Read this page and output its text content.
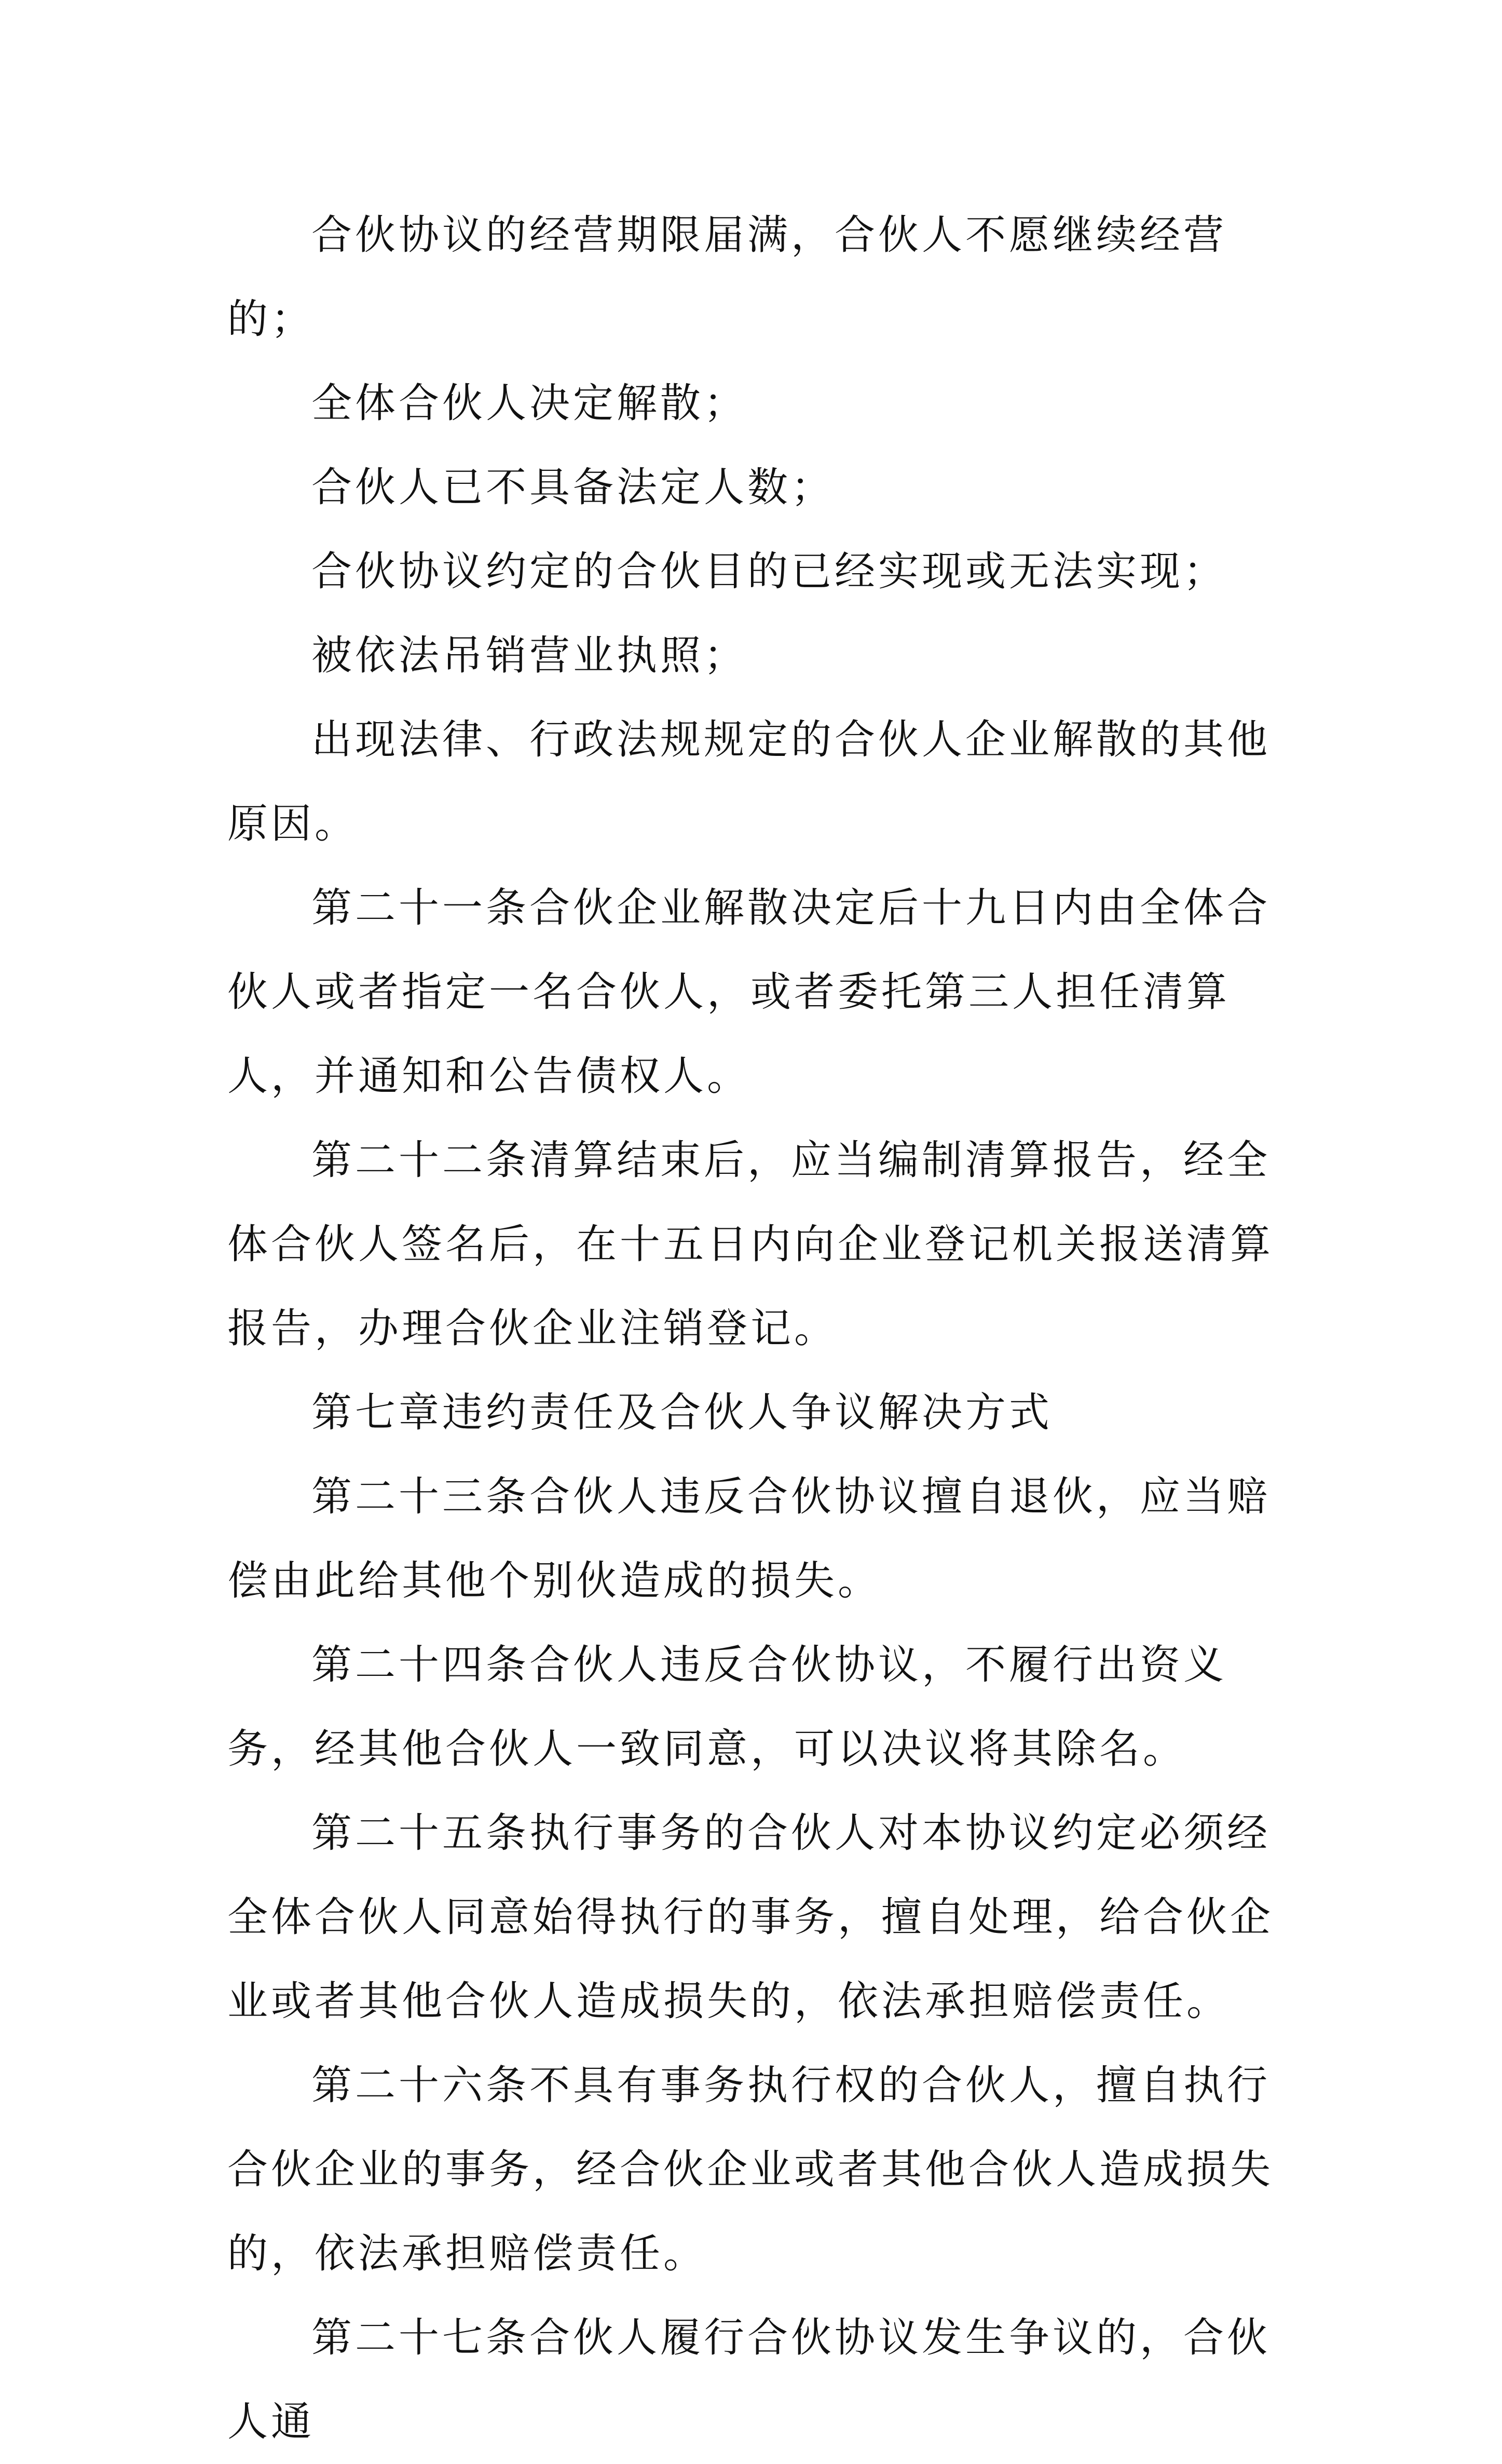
合伙协议的经营期限届满，合伙人不愿继续经营的；

全体合伙人决定解散；

合伙人已不具备法定人数；

合伙协议约定的合伙目的已经实现或无法实现；

被依法吊销营业执照；

出现法律、行政法规规定的合伙人企业解散的其他原因。

第二十一条合伙企业解散决定后十九日内由全体合伙人或者指定一名合伙人，或者委托第三人担任清算人，并通知和公告债权人。

第二十二条清算结束后，应当编制清算报告，经全体合伙人签名后，在十五日内向企业登记机关报送清算报告，办理合伙企业注销登记。

第七章违约责任及合伙人争议解决方式

第二十三条合伙人违反合伙协议擅自退伙，应当赔偿由此给其他个别伙造成的损失。

第二十四条合伙人违反合伙协议，不履行出资义务，经其他合伙人一致同意，可以决议将其除名。

第二十五条执行事务的合伙人对本协议约定必须经全体合伙人同意始得执行的事务，擅自处理，给合伙企业或者其他合伙人造成损失的，依法承担赔偿责任。

第二十六条不具有事务执行权的合伙人，擅自执行合伙企业的事务，经合伙企业或者其他合伙人造成损失的，依法承担赔偿责任。

第二十七条合伙人履行合伙协议发生争议的，合伙人通
